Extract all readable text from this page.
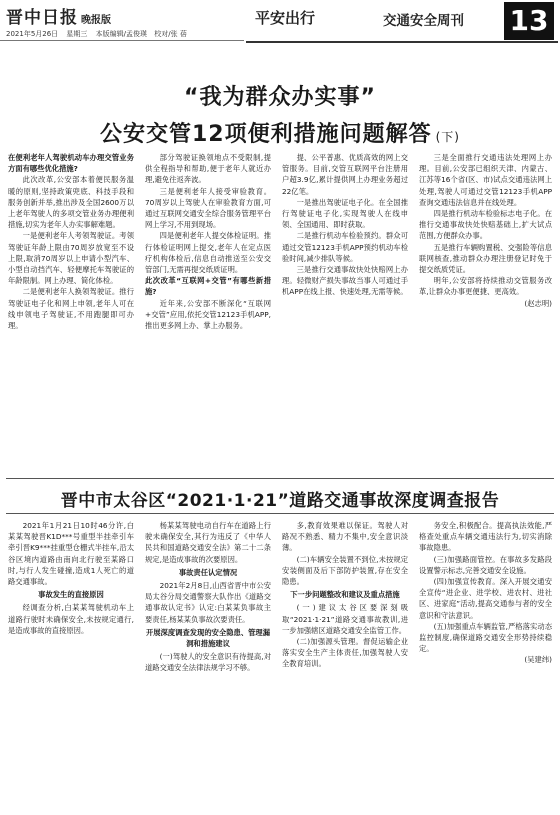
晋中日报 晚报版
2021年5月26日 星期三 本版编辑/孟俊瑛 校对/张 蓓
平安出行	交通安全周刊 13
“我为群众办实事”
公安交管12项便利措施问题解答 (下)

在便利老年人驾驶机动车办理交管业务方面有哪些优化措施?

此次改革,公安部本着便民服务温暖的原则,坚持政策兜底、科技手段和服务创新并举,推出涉及全国2600万以上老年驾驶人的多项交管业务办理便利措施,切实为老年人办实事解难题。

一是便利老年人考领驾驶证。考领驾驶证年龄上限由70周岁放宽至不设上限,取消70周岁以上申请小型汽车、小型自动挡汽车、轻便摩托车驾驶证的年龄限制。网上办理、简化体检。

二是便利老年人换领驾驶证。推行驾驶证电子化和网上申领,老年人可在线申领电子驾驶证,不用跑腿即可办理。

部分驾驶证换领地点不受限制,提供全程指导和帮助,便于老年人就近办理,避免往返奔波。

三是便利老年人接受审验教育。70周岁以上驾驶人在审验教育方面,可通过互联网交通安全综合服务管理平台网上学习,不用到现场。

四是便利老年人提交体检证明。推行体检证明网上提交,老年人在定点医疗机构体检后,信息自动推送至公安交管部门,无需再提交纸质证明。

此次改革“互联网+交管”有哪些新措施?

近年来,公安部不断深化“互联网+交管”应用,依托交管12123手机APP,推出更多网上办、掌上办服务。

提、公平普惠、优质高效的网上交管服务。目前,交管互联网平台注册用户超3.9亿,累计提供网上办理业务超过22亿笔。

一是推出驾驶证电子化。在全国推行驾驶证电子化,实现驾驶人在线申领、全国通用、即时获取。

二是推行机动车检验预约。群众可通过交管12123手机APP预约机动车检验时间,减少排队等候。

三是推行交通事故快处快赔网上办理。轻微财产损失事故当事人可通过手机APP在线上报、快速处理,无需等候。

三是全面推行交通违法处理网上办理。目前,公安部已组织天津、内蒙古、江苏等16个省(区、市)试点交通违法网上处理,驾驶人可通过交管12123手机APP查询交通违法信息并在线处理。

四是推行机动车检验标志电子化。在推行交通事故快处快赔基础上,扩大试点范围,方便群众办事。

五是推行车辆购置税、交强险等信息联网核查,推动群众办理注册登记时免于提交纸质凭证。

明年,公安部将持续推动交管服务改革,让群众办事更便捷、更高效。

(赵志明)

晋中市太谷区“2021·1·21”道路交通事故深度调查报告

2021年1月21日10时46分许,白某某驾驶晋K1D***号重型半挂牵引车牵引晋K9***挂重型仓栅式半挂车,沿太谷区境内道路由南向北行驶至某路口时,与行人发生碰撞,造成1人死亡的道路交通事故。

事故发生的直接原因

经调查分析,白某某驾驶机动车上道路行驶时未确保安全,未按规定通行,是造成事故的直接原因。

杨某某驾驶电动自行车在道路上行驶未确保安全,其行为违反了《中华人民共和国道路交通安全法》第二十二条规定,是造成事故的次要原因。

事故责任认定情况

2021年2月8日,山西省晋中市公安局太谷分局交通警察大队作出《道路交通事故认定书》认定:白某某负事故主要责任,杨某某负事故次要责任。

开展深度调查发现的安全隐患、管理漏洞和措施建议

(一)驾驶人的安全意识有待提高,对道路交通安全法律法规学习不够。

多,教育效果难以保证。驾驶人对路况不熟悉、精力不集中,安全意识淡薄。

(二)车辆安全装置不到位,未按规定安装侧面及后下部防护装置,存在安全隐患。

下一步问题整改和建议及重点措施

(一)建议太谷区要深刻吸取“2021·1·21”道路交通事故教训,进一步加强辖区道路交通安全监管工作。

(二)加强源头管理。督促运输企业落实安全生产主体责任,加强驾驶人安全教育培训。

务安全,积极配合。提高执法效能,严格查处重点车辆交通违法行为,切实消除事故隐患。

(三)加强路面管控。在事故多发路段设置警示标志,完善交通安全设施。

(四)加强宣传教育。深入开展交通安全宣传“进企业、进学校、进农村、进社区、进家庭”活动,提高交通参与者的安全意识和守法意识。

(五)加强重点车辆监管,严格落实动态监控制度,确保道路交通安全形势持续稳定。

(吴建纬)
